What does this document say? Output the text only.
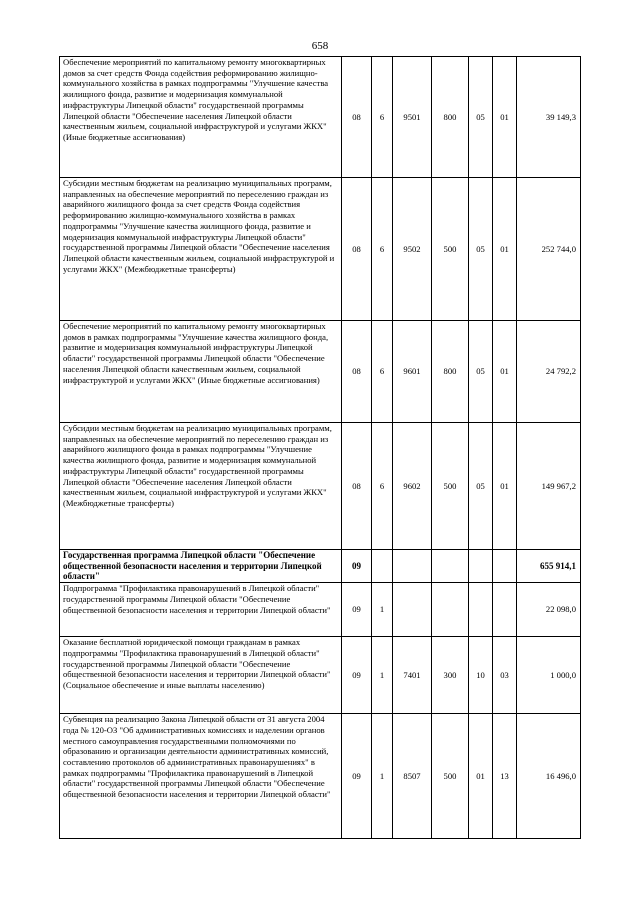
658
Обеспечение мероприятий по капитальному ремонту многоквартирных домов за счет средств Фонда содействия реформированию жилищно-коммунального хозяйства в рамках подпрограммы "Улучшение качества жилищного фонда, развитие и модернизация коммунальной инфраструктуры Липецкой области" государственной программы Липецкой области "Обеспечение населения Липецкой области качественным жильем, социальной инфраструктурой и услугами ЖКХ" (Иные бюджетные ассигнования)	08	6	9501	800	05	01	39 149,3
Субсидии местным бюджетам на реализацию муниципальных программ, направленных на обеспечение мероприятий по переселению граждан из аварийного жилищного фонда за счет средств Фонда содействия реформированию жилищно-коммунального хозяйства в рамках подпрограммы "Улучшение качества жилищного фонда, развитие и модернизация коммунальной инфраструктуры Липецкой области" государственной программы Липецкой области "Обеспечение населения Липецкой области качественным жильем, социальной инфраструктурой и услугами ЖКХ" (Межбюджетные трансферты)	08	6	9502	500	05	01	252 744,0
Обеспечение мероприятий по капитальному ремонту многоквартирных домов в рамках подпрограммы "Улучшение качества жилищного фонда, развитие и модернизация коммунальной инфраструктуры Липецкой области" государственной программы Липецкой области "Обеспечение населения Липецкой области качественным жильем, социальной инфраструктурой и услугами ЖКХ" (Иные бюджетные ассигнования)	08	6	9601	800	05	01	24 792,2
Субсидии местным бюджетам на реализацию муниципальных программ, направленных на обеспечение мероприятий по переселению граждан из аварийного жилищного фонда в рамках подпрограммы "Улучшение качества жилищного фонда, развитие и модернизация коммунальной инфраструктуры Липецкой области" государственной программы Липецкой области "Обеспечение населения Липецкой области качественным жильем, социальной инфраструктурой и услугами ЖКХ" (Межбюджетные трансферты)	08	6	9602	500	05	01	149 967,2
Государственная программа Липецкой области "Обеспечение общественной безопасности населения и территории Липецкой области"	09						655 914,1
Подпрограмма "Профилактика правонарушений в Липецкой области" государственной программы Липецкой области "Обеспечение общественной безопасности населения и территории Липецкой области"	09	1					22 098,0
Оказание бесплатной юридической помощи гражданам в рамках подпрограммы "Профилактика правонарушений в Липецкой области" государственной программы Липецкой области "Обеспечение общественной безопасности населения и территории Липецкой области" (Социальное обеспечение и иные выплаты населению)	09	1	7401	300	10	03	1 000,0
Субвенция на реализацию Закона Липецкой области от 31 августа 2004 года № 120-ОЗ "Об административных комиссиях и наделении органов местного самоуправления государственными полномочиями по образованию и организации деятельности административных комиссий, составлению протоколов об административных правонарушениях" в рамках подпрограммы "Профилактика правонарушений в Липецкой области" государственной программы Липецкой области "Обеспечение общественной безопасности населения и территории Липецкой области"	09	1	8507	500	01	13	16 496,0
